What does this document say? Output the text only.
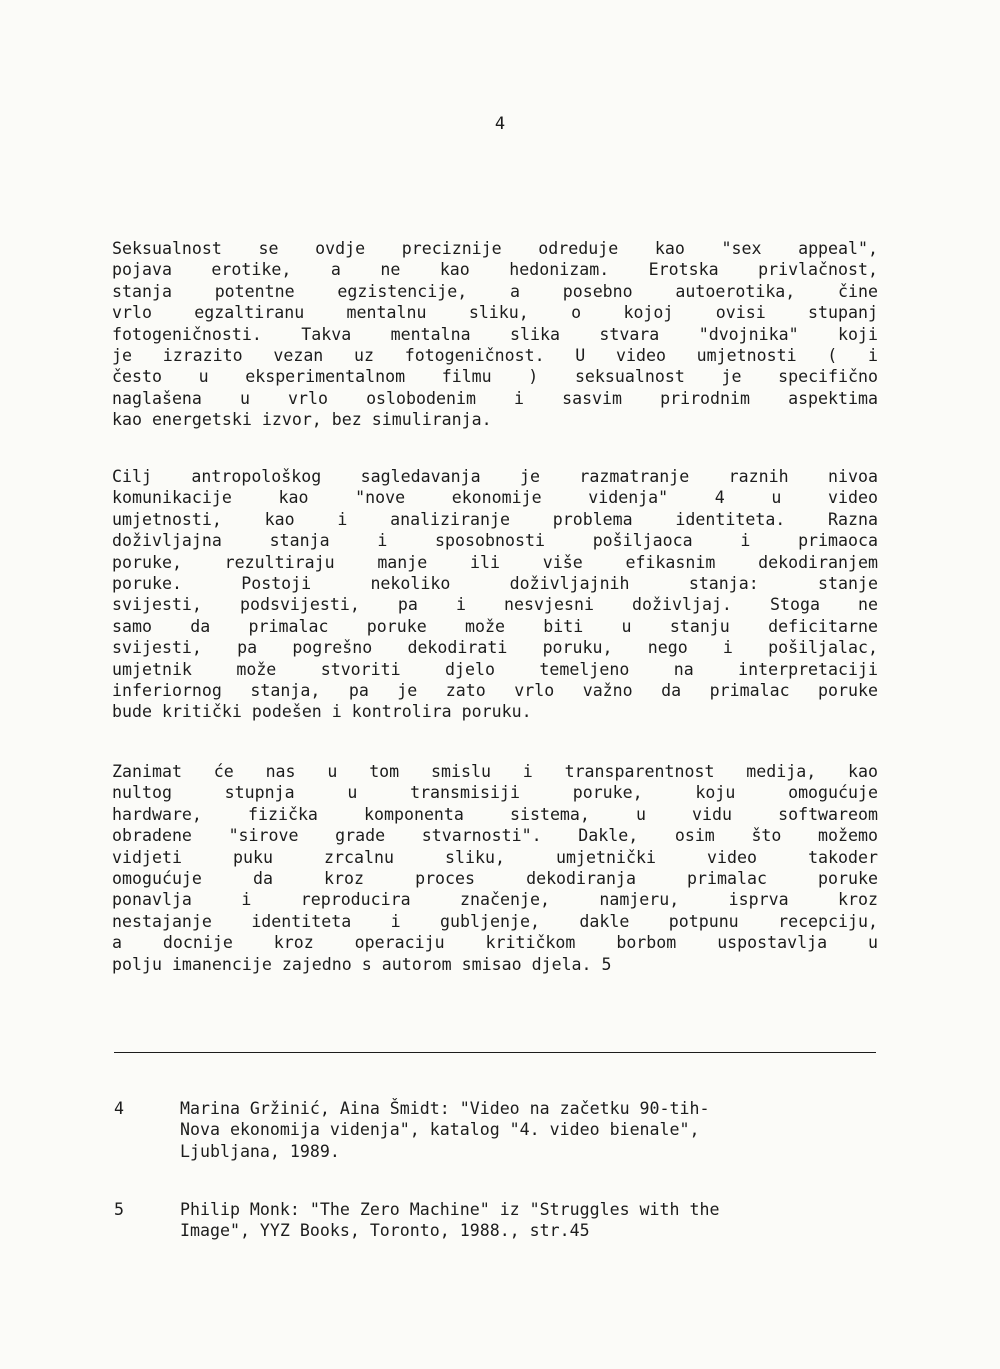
4

Seksualnost se ovdje preciznije odreduje kao "sex appeal",
pojava erotike, a ne kao hedonizam. Erotska privlačnost,
stanja potentne egzistencije, a posebno autoerotika, čine
vrlo egzaltiranu mentalnu sliku, o kojoj ovisi stupanj
fotogeničnosti. Takva mentalna slika stvara "dvojnika" koji
je izrazito vezan uz fotogeničnost. U video umjetnosti ( i
često u eksperimentalnom filmu ) seksualnost je specifično
naglašena u vrlo oslobodenim i sasvim prirodnim aspektima
kao energetski izvor, bez simuliranja.

Cilj antropološkog sagledavanja je razmatranje raznih nivoa
komunikacije kao "nove ekonomije videnja" 4 u video
umjetnosti, kao i analiziranje problema identiteta. Razna
doživljajna stanja i sposobnosti pošiljaoca i primaoca
poruke, rezultiraju manje ili više efikasnim dekodiranjem
poruke. Postoji nekoliko doživljajnih stanja: stanje
svijesti, podsvijesti, pa i nesvjesni doživljaj. Stoga ne
samo da primalac poruke može biti u stanju deficitarne
svijesti, pa pogrešno dekodirati poruku, nego i pošiljalac,
umjetnik može stvoriti djelo temeljeno na interpretaciji
inferiornog stanja, pa je zato vrlo važno da primalac poruke
bude kritički podešen i kontrolira poruku.

Zanimat će nas u tom smislu i transparentnost medija, kao
nultog stupnja u transmisiji poruke, koju omogućuje
hardware, fizička komponenta sistema, u vidu softwareom
obradene "sirove grade stvarnosti". Dakle, osim što možemo
vidjeti puku zrcalnu sliku, umjetnički video takoder
omogućuje da kroz proces dekodiranja primalac poruke
ponavlja i reproducira značenje, namjeru, isprva kroz
nestajanje identiteta i gubljenje, dakle potpunu recepciju,
a docnije kroz operaciju kritičkom borbom uspostavlja u
polju imanencije zajedno s autorom smisao djela. 5

4	Marina Gržinić, Aina Šmidt: "Video na začetku 90-tih-
Nova ekonomija videnja", katalog "4. video bienale",
Ljubljana, 1989.
5	Philip Monk: "The Zero Machine" iz "Struggles with the
Image", YYZ Books, Toronto, 1988., str.45
